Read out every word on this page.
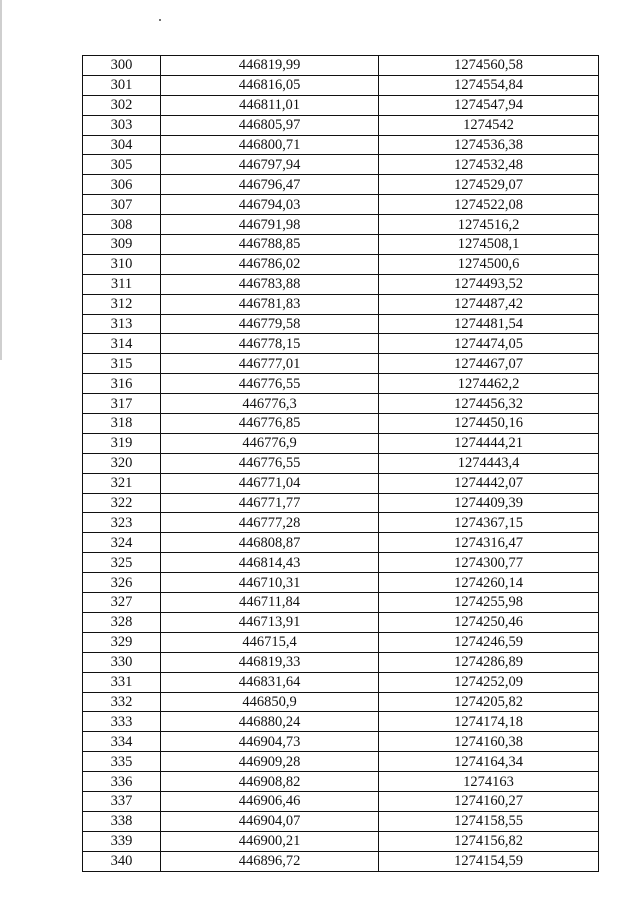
300	446819,99	1274560,58
301	446816,05	1274554,84
302	446811,01	1274547,94
303	446805,97	1274542
304	446800,71	1274536,38
305	446797,94	1274532,48
306	446796,47	1274529,07
307	446794,03	1274522,08
308	446791,98	1274516,2
309	446788,85	1274508,1
310	446786,02	1274500,6
311	446783,88	1274493,52
312	446781,83	1274487,42
313	446779,58	1274481,54
314	446778,15	1274474,05
315	446777,01	1274467,07
316	446776,55	1274462,2
317	446776,3	1274456,32
318	446776,85	1274450,16
319	446776,9	1274444,21
320	446776,55	1274443,4
321	446771,04	1274442,07
322	446771,77	1274409,39
323	446777,28	1274367,15
324	446808,87	1274316,47
325	446814,43	1274300,77
326	446710,31	1274260,14
327	446711,84	1274255,98
328	446713,91	1274250,46
329	446715,4	1274246,59
330	446819,33	1274286,89
331	446831,64	1274252,09
332	446850,9	1274205,82
333	446880,24	1274174,18
334	446904,73	1274160,38
335	446909,28	1274164,34
336	446908,82	1274163
337	446906,46	1274160,27
338	446904,07	1274158,55
339	446900,21	1274156,82
340	446896,72	1274154,59
